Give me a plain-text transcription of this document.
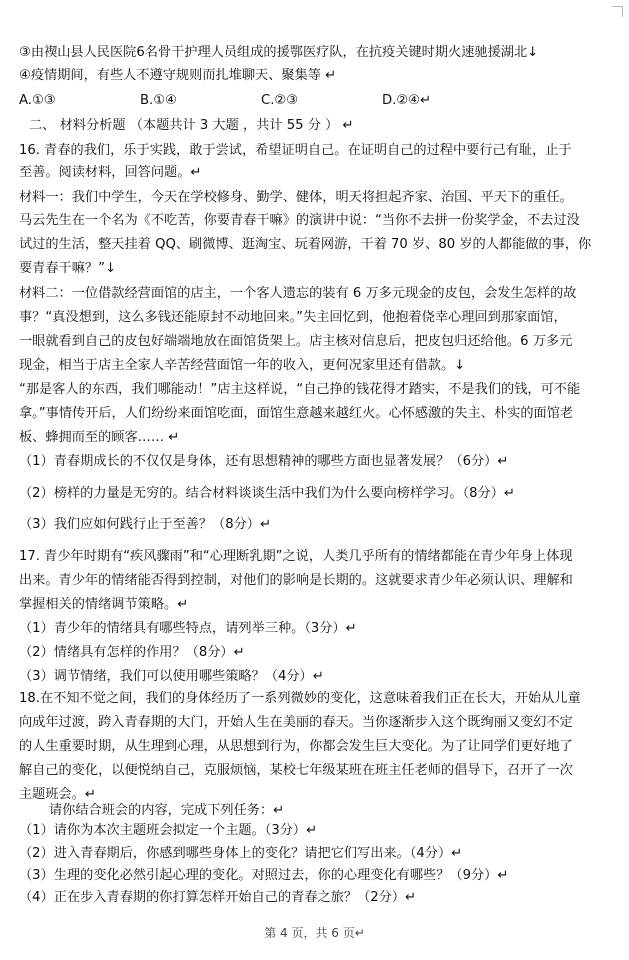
③由禊山县人民医院6名骨干护理人员组成的援鄂医疗队，在抗疫关键时期火速驰援湖北↓
④疫情期间，有些人不遵守规则而扎堆聊天、聚集等 ↵
二、 材料分析题 （本题共计 3 大题 ，共计 55 分 ） ↵
16. 青春的我们，乐于实践，敢于尝试，希望证明自己。在证明自己的过程中要行己有耻，止于
至善。阅读材料，回答问题。↵
材料一：我们中学生，今天在学校修身、勤学、健体，明天将担起齐家、治国、平天下的重任。
马云先生在一个名为《不吃苦，你要青春干嘛》的演讲中说：“当你不去拼一份奖学金，不去过没
试过的生活，整天挂着 QQ、刷微博、逛淘宝、玩着网游，干着 70 岁、80 岁的人都能做的事，你
要青春干嘛？”↓
材料二：一位借款经营面馆的店主，一个客人遗忘的装有 6 万多元现金的皮包，会发生怎样的故
事？“真没想到，这么多钱还能原封不动地回来。”失主回忆到，他抱着侥幸心理回到那家面馆，
一眼就看到自己的皮包好端端地放在面馆货架上。店主核对信息后，把皮包归还给他。6 万多元
现金，相当于店主全家人辛苦经营面馆一年的收入，更何况家里还有借款。↓
“那是客人的东西，我们哪能动！”店主这样说，“自己挣的钱花得才踏实，不是我们的钱，可不能
拿。”事情传开后，人们纷纷来面馆吃面，面馆生意越来越红火。心怀感激的失主、朴实的面馆老
板、蜂拥而至的顾客…… ↵
（1）青春期成长的不仅仅是身体，还有思想精神的哪些方面也显著发展？（6分）↵
（2）榜样的力量是无穷的。结合材料谈谈生活中我们为什么要向榜样学习。（8分）↵
（3）我们应如何践行止于至善？（8分）↵
17. 青少年时期有“疾风骤雨”和“心理断乳期”之说，人类几乎所有的情绪都能在青少年身上体现
出来。青少年的情绪能否得到控制，对他们的影响是长期的。这就要求青少年必须认识、理解和
掌握相关的情绪调节策略。↵
（1）青少年的情绪具有哪些特点，请列举三种。（3分）↵
（2）情绪具有怎样的作用？（8分）↵
（3）调节情绪，我们可以使用哪些策略？（4分）↵
18.在不知不觉之间，我们的身体经历了一系列微妙的变化，这意味着我们正在长大，开始从儿童
向成年过渡，跨入青春期的大门，开始人生在美丽的春天。当你逐渐步入这个既绚丽又变幻不定
的人生重要时期，从生理到心理，从思想到行为，你都会发生巨大变化。为了让同学们更好地了
解自己的变化，以便悦纳自己，克服烦恼，某校七年级某班在班主任老师的倡导下，召开了一次
主题班会。↵
请你结合班会的内容，完成下列任务：↵
（1）请你为本次主题班会拟定一个主题。（3分）↵
（2）进入青春期后，你感到哪些身体上的变化？请把它们写出来。（4分）↵
（3）生理的变化必然引起心理的变化。对照过去，你的心理变化有哪些？（9分）↵
（4）正在步入青春期的你打算怎样开始自己的青春之旅？（2分）↵
A.①③	B.①④	C.②③	D.②④↵
第 4 页，共 6 页↵
